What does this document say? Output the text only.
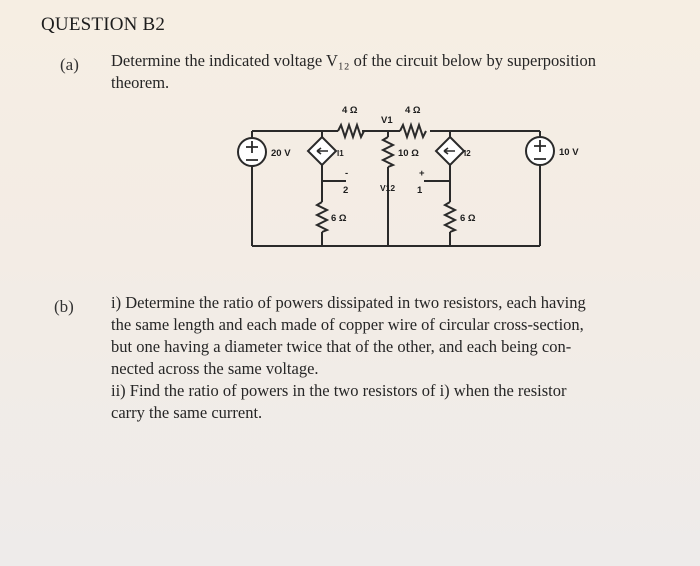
QUESTION B2
(a) Determine the indicated voltage V₁₂ of the circuit below by superposition
theorem.
4 Ω	4 Ω
V1
20 V	I1
2
-
10 Ω
V12
+
1
I2	10 V
6 Ω	6 Ω
(b) i) Determine the ratio of powers dissipated in two resistors, each having
the same length and each made of copper wire of circular cross-section,
but one having a diameter twice that of the other, and each being con-
nected across the same voltage.
ii) Find the ratio of powers in the two resistors of i) when the resistor
carry the same current.
